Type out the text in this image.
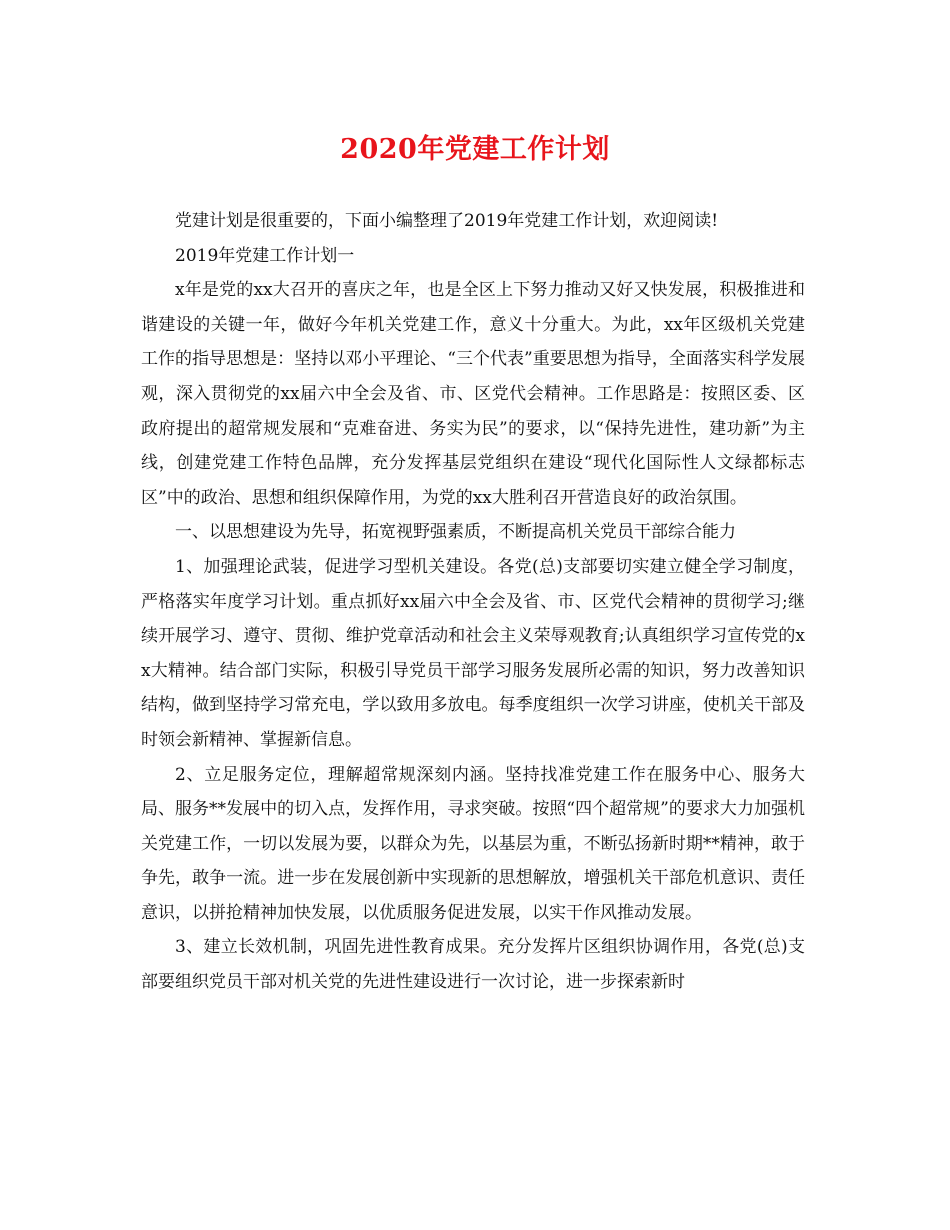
2020年党建工作计划

党建计划是很重要的，下面小编整理了2019年党建工作计划，欢迎阅读!

2019年党建工作计划一

x年是党的xx大召开的喜庆之年，也是全区上下努力推动又好又快发展，积极推进和谐建设的关键一年，做好今年机关党建工作，意义十分重大。为此，xx年区级机关党建工作的指导思想是：坚持以邓小平理论、“三个代表”重要思想为指导，全面落实科学发展观，深入贯彻党的xx届六中全会及省、市、区党代会精神。工作思路是：按照区委、区政府提出的超常规发展和“克难奋进、务实为民”的要求，以“保持先进性，建功新”为主线，创建党建工作特色品牌，充分发挥基层党组织在建设“现代化国际性人文绿都标志区”中的政治、思想和组织保障作用，为党的xx大胜利召开营造良好的政治氛围。

一、以思想建设为先导，拓宽视野强素质，不断提高机关党员干部综合能力

1、加强理论武装，促进学习型机关建设。各党(总)支部要切实建立健全学习制度，严格落实年度学习计划。重点抓好xx届六中全会及省、市、区党代会精神的贯彻学习;继续开展学习、遵守、贯彻、维护党章活动和社会主义荣辱观教育;认真组织学习宣传党的xx大精神。结合部门实际，积极引导党员干部学习服务发展所必需的知识，努力改善知识结构，做到坚持学习常充电，学以致用多放电。每季度组织一次学习讲座，使机关干部及时领会新精神、掌握新信息。

2、立足服务定位，理解超常规深刻内涵。坚持找准党建工作在服务中心、服务大局、服务**发展中的切入点，发挥作用，寻求突破。按照“四个超常规”的要求大力加强机关党建工作，一切以发展为要，以群众为先，以基层为重，不断弘扬新时期**精神，敢于争先，敢争一流。进一步在发展创新中实现新的思想解放，增强机关干部危机意识、责任意识，以拼抢精神加快发展，以优质服务促进发展，以实干作风推动发展。

3、建立长效机制，巩固先进性教育成果。充分发挥片区组织协调作用，各党(总)支部要组织党员干部对机关党的先进性建设进行一次讨论，进一步探索新时
